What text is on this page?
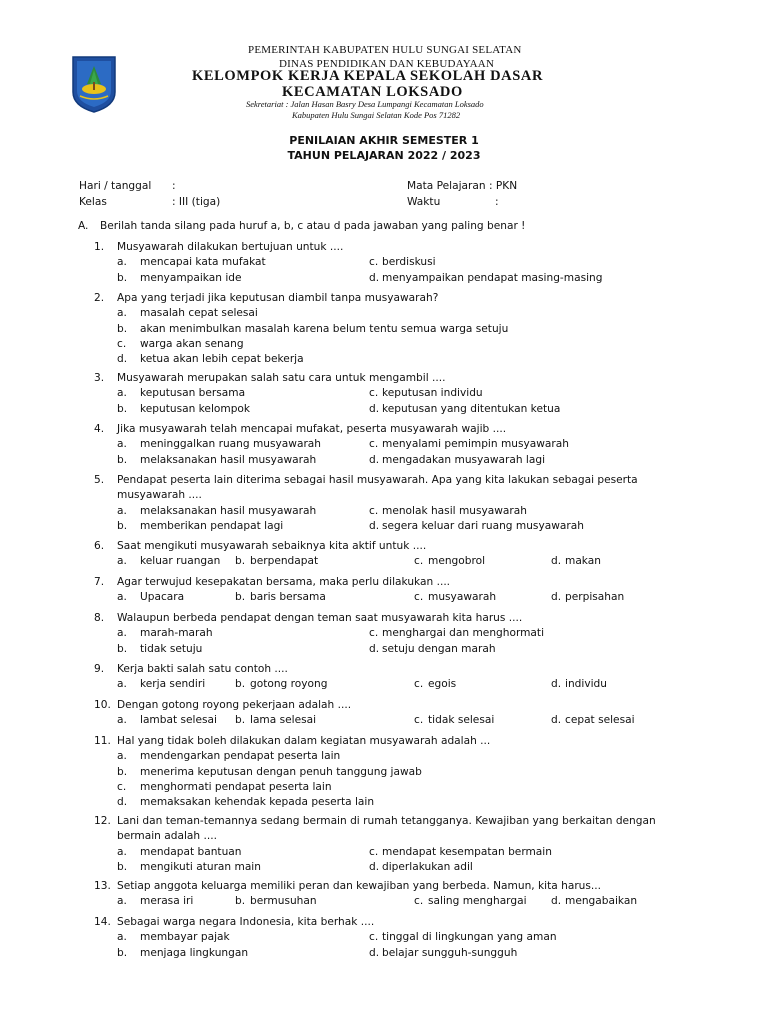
PEMERINTAH KABUPATEN HULU SUNGAI SELATAN
DINAS PENDIDIKAN DAN KEBUDAYAAN
KELOMPOK KERJA KEPALA SEKOLAH DASAR
KECAMATAN LOKSADO
Sekretariat : Jalan Hasan Basry Desa Lumpangi Kecamatan Loksado
Kabupaten Hulu Sungai Selatan Kode Pos 71282
PENILAIAN AKHIR SEMESTER 1
TAHUN PELAJARAN 2022 / 2023
Hari / tanggal :
Kelas	: III (tiga)
Mata Pelajaran : PKN
Waktu	:
A. Berilah tanda silang pada huruf a, b, c atau d pada jawaban yang paling benar !
1. Musyawarah dilakukan bertujuan untuk ....
a. mencapai kata mufakat	c. berdiskusi
b. menyampaikan ide	d. menyampaikan pendapat masing-masing
2. Apa yang terjadi jika keputusan diambil tanpa musyawarah?
a. masalah cepat selesai
b. akan menimbulkan masalah karena belum tentu semua warga setuju
c. warga akan senang
d. ketua akan lebih cepat bekerja
3. Musyawarah merupakan salah satu cara untuk mengambil ....
a. keputusan bersama	c. keputusan individu
b. keputusan kelompok	d. keputusan yang ditentukan ketua
4. Jika musyawarah telah mencapai mufakat, peserta musyawarah wajib ....
a. meninggalkan ruang musyawarah	c. menyalami pemimpin musyawarah
b. melaksanakan hasil musyawarah	d. mengadakan musyawarah lagi
5. Pendapat peserta lain diterima sebagai hasil musyawarah. Apa yang kita lakukan sebagai peserta
musyawarah ....
a. melaksanakan hasil musyawarah	c. menolak hasil musyawarah
b. memberikan pendapat lagi	d. segera keluar dari ruang musyawarah
6. Saat mengikuti musyawarah sebaiknya kita aktif untuk ....
a. keluar ruangan b. berpendapat	c. mengobrol	d. makan
7. Agar terwujud kesepakatan bersama, maka perlu dilakukan ....
a. Upacara	b. baris bersama	c. musyawarah	d. perpisahan
8. Walaupun berbeda pendapat dengan teman saat musyawarah kita harus ....
a. marah-marah	c. menghargai dan menghormati
b. tidak setuju	d. setuju dengan marah
9. Kerja bakti salah satu contoh ....
a. kerja sendiri	b. gotong royong	c. egois	d. individu
10. Dengan gotong royong pekerjaan adalah ....
a. lambat selesai b. lama selesai	c. tidak selesai	d. cepat selesai
11. Hal yang tidak boleh dilakukan dalam kegiatan musyawarah adalah ...
a. mendengarkan pendapat peserta lain
b. menerima keputusan dengan penuh tanggung jawab
c. menghormati pendapat peserta lain
d. memaksakan kehendak kepada peserta lain
12. Lani dan teman-temannya sedang bermain di rumah tetangganya. Kewajiban yang berkaitan dengan
bermain adalah ....
a. mendapat bantuan	c. mendapat kesempatan bermain
b. mengikuti aturan main	d. diperlakukan adil
13. Setiap anggota keluarga memiliki peran dan kewajiban yang berbeda. Namun, kita harus...
a. merasa iri	b. bermusuhan	c. saling menghargai d. mengabaikan
14. Sebagai warga negara Indonesia, kita berhak ....
a. membayar pajak	c. tinggal di lingkungan yang aman
b. menjaga lingkungan	d. belajar sungguh-sungguh
